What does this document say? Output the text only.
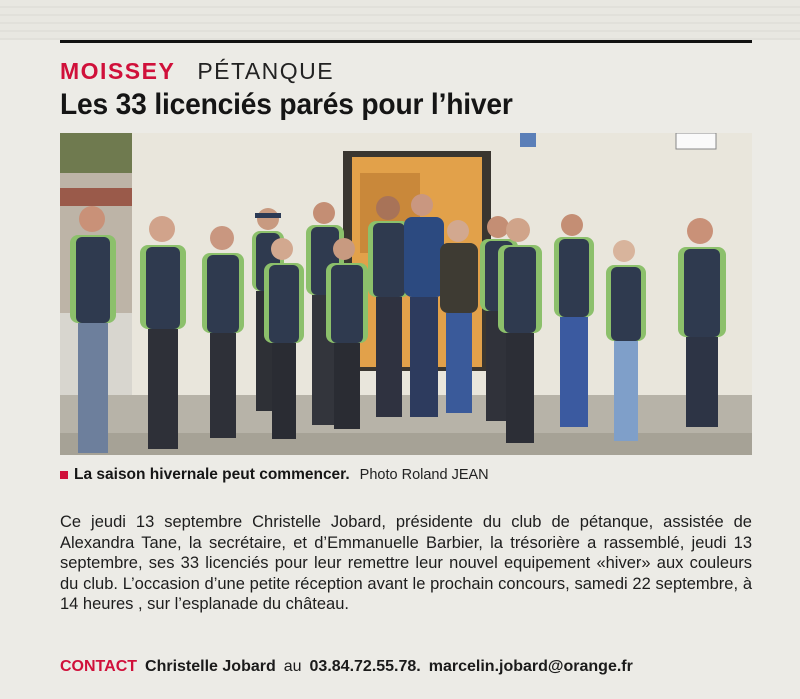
MOISSEY PÉTANQUE
Les 33 licenciés parés pour l’hiver
La saison hivernale peut commencer. Photo Roland JEAN

Ce jeudi 13 septembre Christelle Jobard, présidente du club de pétanque, assistée de Alexandra Tane, la secrétaire, et d’Emmanuelle Barbier, la trésorière a rassemblé, jeudi 13 septembre, ses 33 licenciés pour leur remettre leur nouvel equipement «hiver» aux couleurs du club. L’occasion d’une petite réception avant le prochain concours, samedi 22 septembre, à 14 heures , sur l’esplanade du château.

CONTACT Christelle Jobard au 03.84.72.55.78. marcelin.jobard@orange.fr
